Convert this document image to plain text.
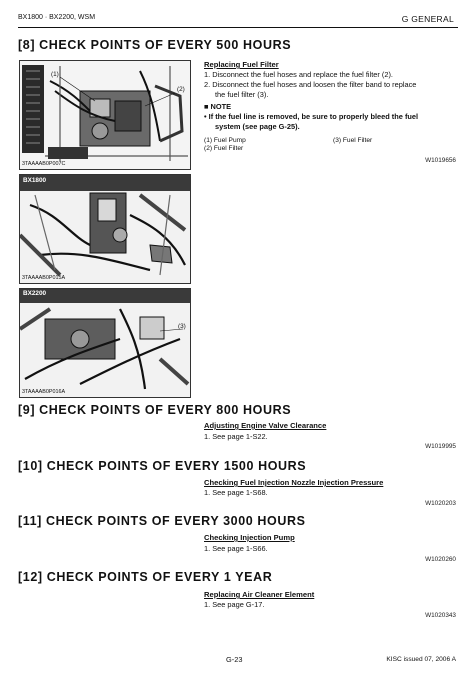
BX1800 · BX2200, WSM	G GENERAL
[8] CHECK POINTS OF EVERY 500 HOURS
(1)
(2)
3TAAAAB0P007C
BX1800
3TAAAAB0P015A
BX2200
(3)
3TAAAAB0P016A
Replacing Fuel Filter
1. Disconnect the fuel hoses and replace the fuel filter (2).
2. Disconnect the fuel hoses and loosen the filter band to replace
the fuel filter (3).
■ NOTE
• If the fuel line is removed, be sure to properly bleed the fuel
system (see page G-25).
(1) Fuel Pump
(2) Fuel Filter
(3) Fuel Filter
W1019656
[9] CHECK POINTS OF EVERY 800 HOURS
Adjusting Engine Valve Clearance
1. See page 1-S22.
W1019995
[10] CHECK POINTS OF EVERY 1500 HOURS
Checking Fuel Injection Nozzle Injection Pressure
1. See page 1-S68.
W1020203
[11] CHECK POINTS OF EVERY 3000 HOURS
Checking Injection Pump
1. See page 1-S66.
W1020260
[12] CHECK POINTS OF EVERY 1 YEAR
Replacing Air Cleaner Element
1. See page G-17.
W1020343
G-23	KISC issued 07, 2006 A
